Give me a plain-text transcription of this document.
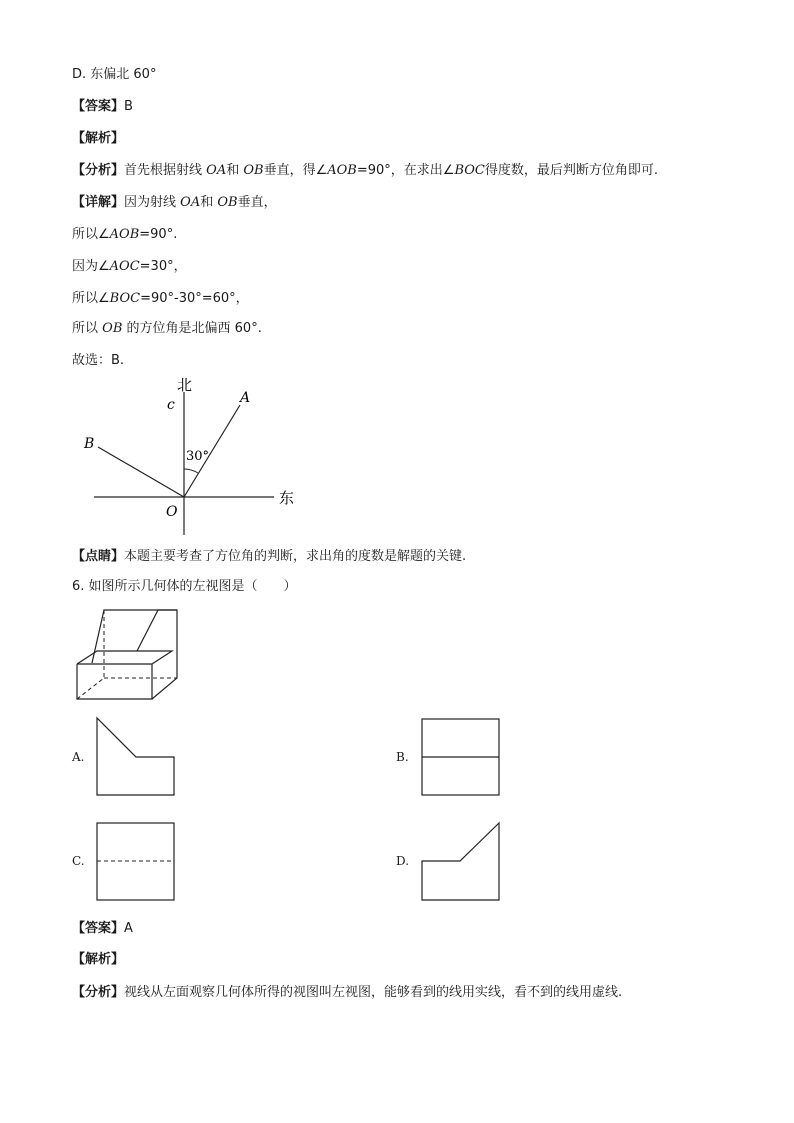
D. 东偏北 60°
【答案】B
【解析】
【分析】首先根据射线 OA和 OB垂直，得∠AOB=90°，在求出∠BOC得度数，最后判断方位角即可.
【详解】因为射线 OA和 OB垂直，
所以∠AOB=90°.
因为∠AOC=30°，
所以∠BOC=90°-30°=60°，
所以 OB 的方位角是北偏西 60°.
故选：B.
北
东
c	A
B
O
30°
【点睛】本题主要考查了方位角的判断，求出角的度数是解题的关键.
6. 如图所示几何体的左视图是（　　）
A.	B.
C.	D.
【答案】A
【解析】
【分析】视线从左面观察几何体所得的视图叫左视图，能够看到的线用实线，看不到的线用虚线.
